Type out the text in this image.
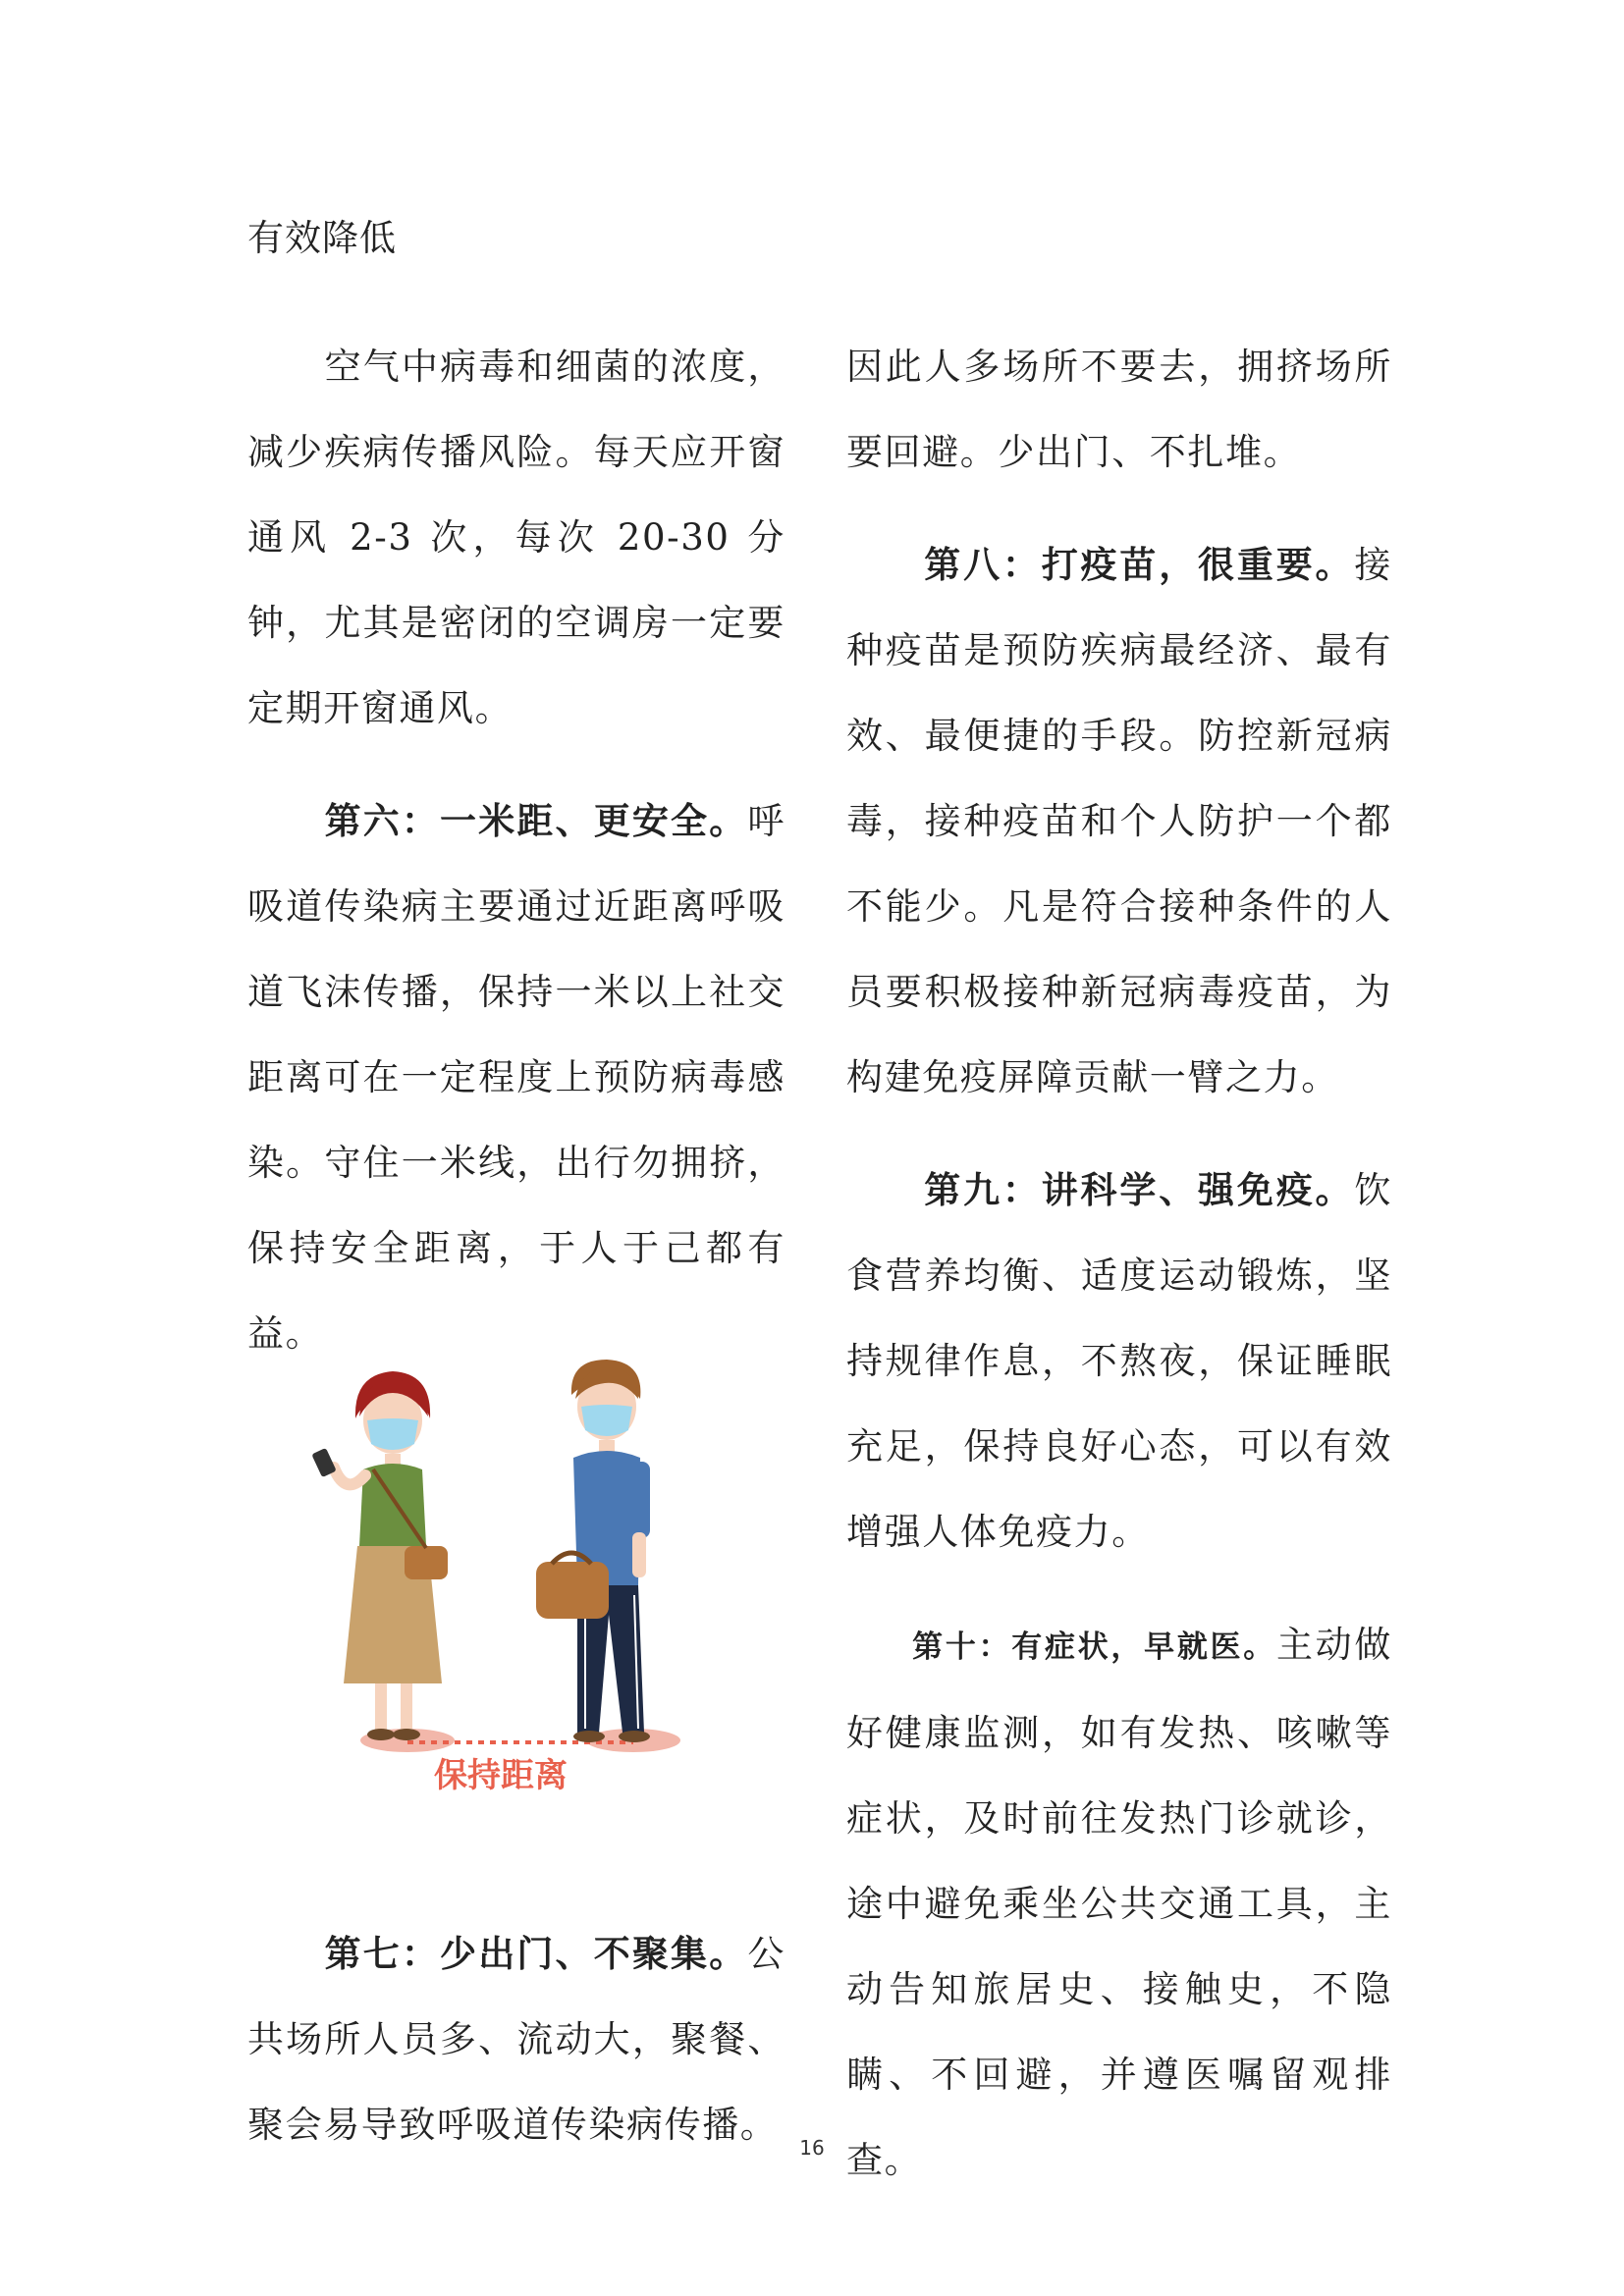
有效降低

空气中病毒和细菌的浓度，减少疾病传播风险。每天应开窗通风 2-3 次，每次 20-30 分钟，尤其是密闭的空调房一定要定期开窗通风。

第六：一米距、更安全。呼吸道传染病主要通过近距离呼吸道飞沫传播，保持一米以上社交距离可在一定程度上预防病毒感染。守住一米线，出行勿拥挤，保持安全距离，于人于己都有益。

第七：少出门、不聚集。公共场所人员多、流动大，聚餐、聚会易导致呼吸道传染病传播。

保持距离

因此人多场所不要去，拥挤场所要回避。少出门、不扎堆。

第八：打疫苗，很重要。接种疫苗是预防疾病最经济、最有效、最便捷的手段。防控新冠病毒，接种疫苗和个人防护一个都不能少。凡是符合接种条件的人员要积极接种新冠病毒疫苗，为构建免疫屏障贡献一臂之力。

第九：讲科学、强免疫。饮食营养均衡、适度运动锻炼，坚持规律作息，不熬夜，保证睡眠充足，保持良好心态，可以有效增强人体免疫力。

第十：有症状，早就医。主动做好健康监测，如有发热、咳嗽等症状，及时前往发热门诊就诊，途中避免乘坐公共交通工具，主动告知旅居史、接触史，不隐瞒、不回避，并遵医嘱留观排查。

16
